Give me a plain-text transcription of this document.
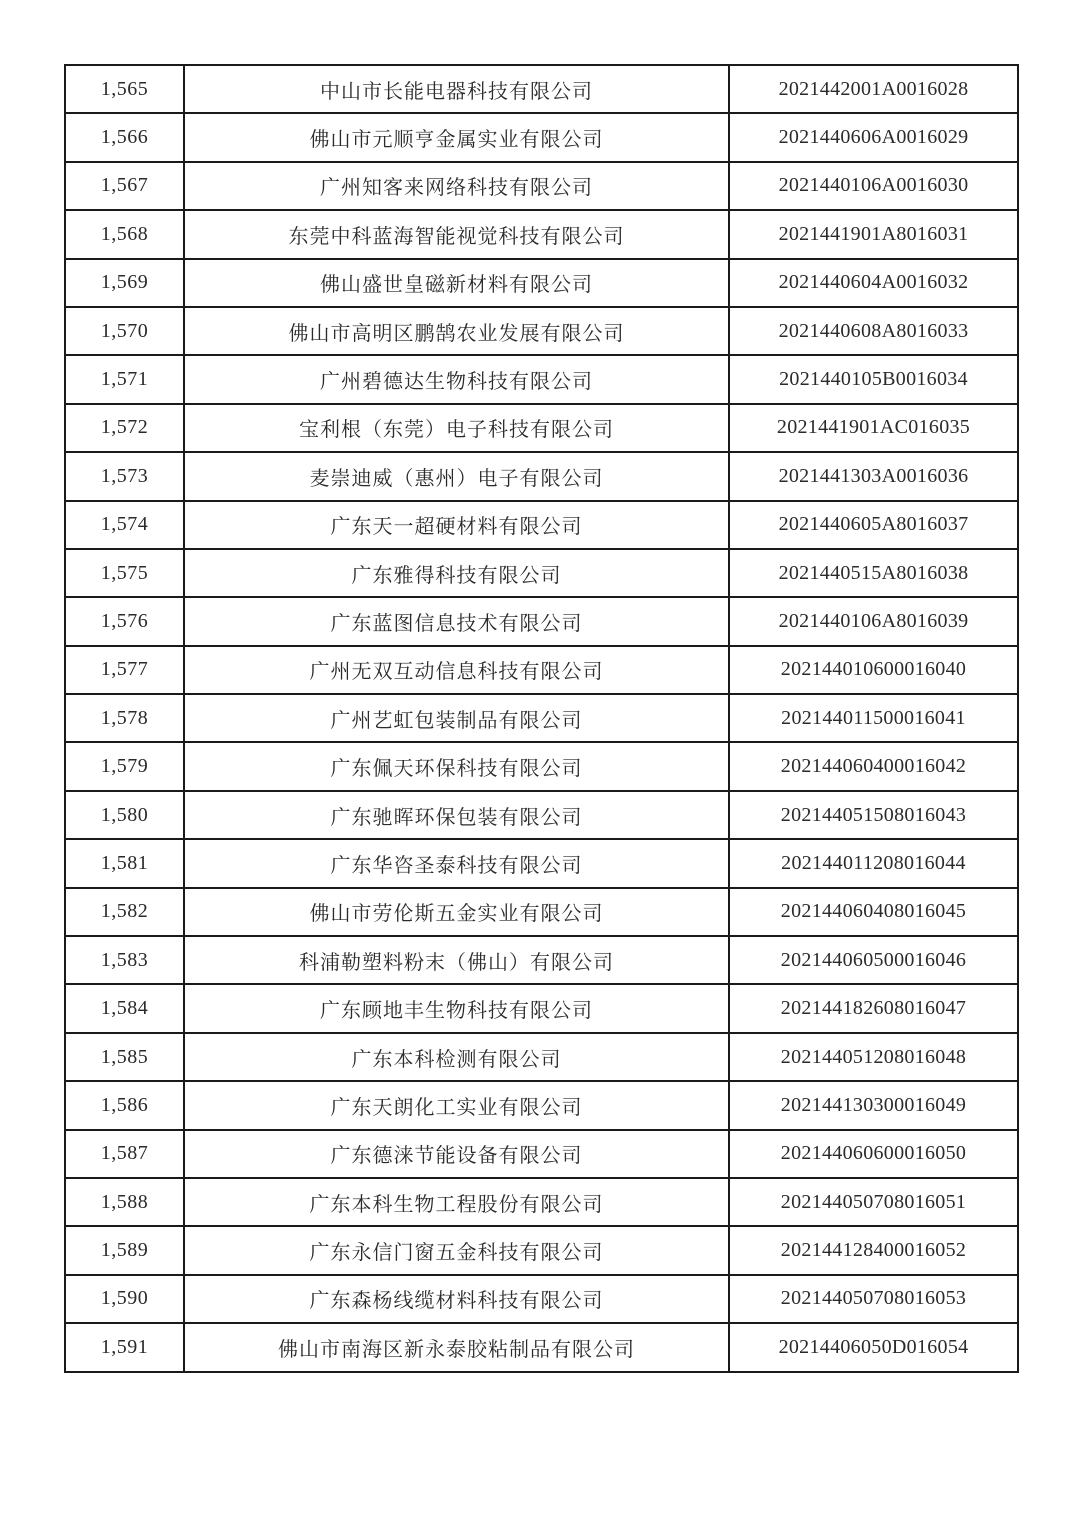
1,565	中山市长能电器科技有限公司	2021442001A0016028
1,566	佛山市元顺亨金属实业有限公司	2021440606A0016029
1,567	广州知客来网络科技有限公司	2021440106A0016030
1,568	东莞中科蓝海智能视觉科技有限公司	2021441901A8016031
1,569	佛山盛世皇磁新材料有限公司	2021440604A0016032
1,570	佛山市高明区鹏鹄农业发展有限公司	2021440608A8016033
1,571	广州碧德达生物科技有限公司	2021440105B0016034
1,572	宝利根（东莞）电子科技有限公司	2021441901AC016035
1,573	麦崇迪威（惠州）电子有限公司	2021441303A0016036
1,574	广东天一超硬材料有限公司	2021440605A8016037
1,575	广东雅得科技有限公司	2021440515A8016038
1,576	广东蓝图信息技术有限公司	2021440106A8016039
1,577	广州无双互动信息科技有限公司	202144010600016040
1,578	广州艺虹包装制品有限公司	202144011500016041
1,579	广东佩天环保科技有限公司	202144060400016042
1,580	广东驰晖环保包装有限公司	202144051508016043
1,581	广东华咨圣泰科技有限公司	202144011208016044
1,582	佛山市劳伦斯五金实业有限公司	202144060408016045
1,583	科浦勒塑料粉末（佛山）有限公司	202144060500016046
1,584	广东顾地丰生物科技有限公司	202144182608016047
1,585	广东本科检测有限公司	202144051208016048
1,586	广东天朗化工实业有限公司	202144130300016049
1,587	广东德涞节能设备有限公司	202144060600016050
1,588	广东本科生物工程股份有限公司	202144050708016051
1,589	广东永信门窗五金科技有限公司	202144128400016052
1,590	广东森杨线缆材料科技有限公司	202144050708016053
1,591	佛山市南海区新永泰胶粘制品有限公司	20214406050D016054
